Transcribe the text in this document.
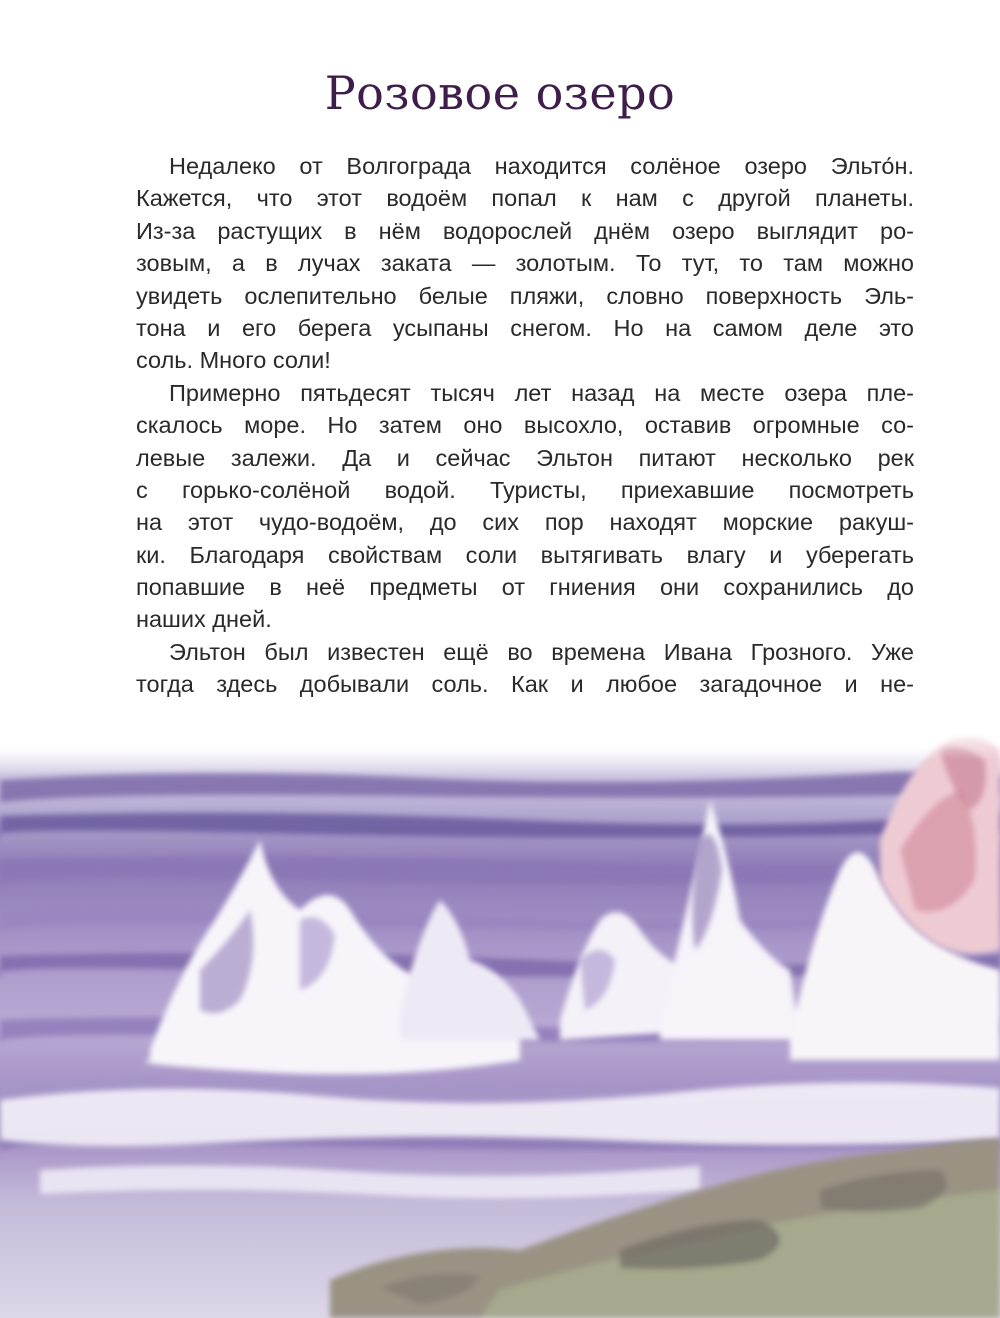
Розовое озеро
Недалеко от Волгограда находится солёное озеро Эльто́н.
Кажется, что этот водоём попал к нам с другой планеты.
Из-за растущих в нём водорослей днём озеро выглядит ро-
зовым, а в лучах заката — золотым. То тут, то там можно
увидеть ослепительно белые пляжи, словно поверхность Эль-
тона и его берега усыпаны снегом. Но на самом деле это
соль. Много соли!
Примерно пятьдесят тысяч лет назад на месте озера пле-
скалось море. Но затем оно высохло, оставив огромные со-
левые залежи. Да и сейчас Эльтон питают несколько рек
с горько-солёной водой. Туристы, приехавшие посмотреть
на этот чудо-водоём, до сих пор находят морские ракуш-
ки. Благодаря свойствам соли вытягивать влагу и уберегать
попавшие в неё предметы от гниения они сохранились до
наших дней.
Эльтон был известен ещё во времена Ивана Грозного. Уже
тогда здесь добывали соль. Как и любое загадочное и не-
